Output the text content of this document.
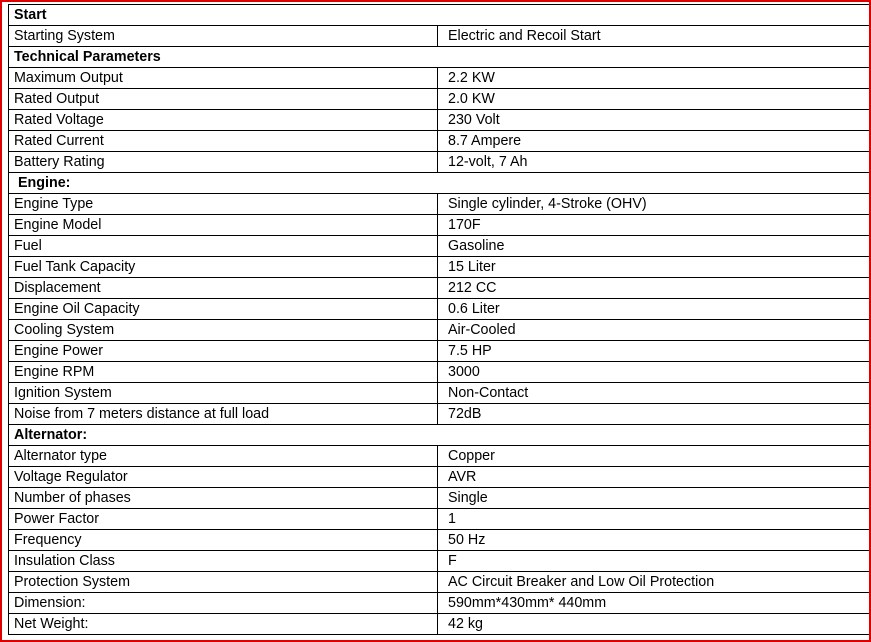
Start	
Starting System	Electric and Recoil Start
Technical Parameters	
Maximum Output	2.2 KW
Rated Output	2.0 KW
Rated Voltage	230 Volt
Rated Current	8.7 Ampere
Battery Rating	12-volt, 7 Ah
Engine:	
Engine Type	Single cylinder, 4-Stroke (OHV)
Engine Model	170F
Fuel	Gasoline
Fuel Tank Capacity	15 Liter
Displacement	212 CC
Engine Oil Capacity	0.6 Liter
Cooling System	Air-Cooled
Engine Power	7.5 HP
Engine RPM	3000
Ignition System	Non-Contact
Noise from 7 meters distance at full load	72dB
Alternator:	
Alternator type	Copper
Voltage Regulator	AVR
Number of phases	Single
Power Factor	1
Frequency	50 Hz
Insulation Class	F
Protection System	AC Circuit Breaker and Low Oil Protection
Dimension:	590mm*430mm* 440mm
Net Weight:	42 kg
